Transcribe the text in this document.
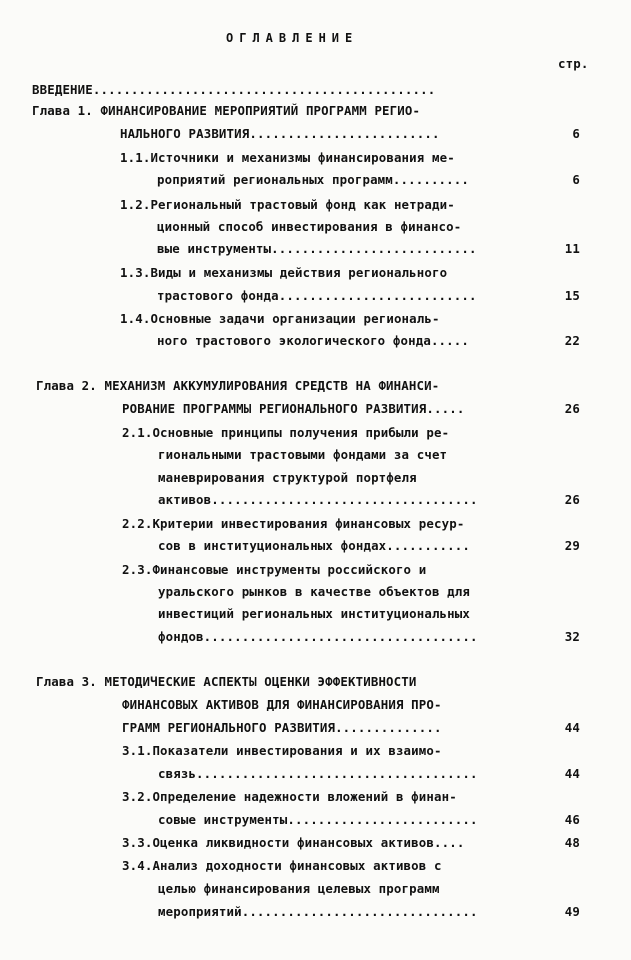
ОГЛАВЛЕНИЕ
стр.
ВВЕДЕНИЕ.............................................
Глава 1. ФИНАНСИРОВАНИЕ МЕРОПРИЯТИЙ ПРОГРАММ РЕГИО-
НАЛЬНОГО РАЗВИТИЯ.........................	6
1.1.Источники и механизмы финансирования ме-
роприятий региональных программ..........	6
1.2.Региональный трастовый фонд как нетради-
ционный способ инвестирования в финансо-
вые инструменты...........................	11
1.3.Виды и механизмы действия регионального
трастового фонда..........................	15
1.4.Основные задачи организации региональ-
ного трастового экологического фонда.....	22
Глава 2. МЕХАНИЗМ АККУМУЛИРОВАНИЯ СРЕДСТВ НА ФИНАНСИ-
РОВАНИЕ ПРОГРАММЫ РЕГИОНАЛЬНОГО РАЗВИТИЯ.....	26
2.1.Основные принципы получения прибыли ре-
гиональными трастовыми фондами за счет
маневрирования структурой портфеля
активов...................................	26
2.2.Критерии инвестирования финансовых ресур-
сов в институциональных фондах...........	29
2.3.Финансовые инструменты российского и
уральского рынков в качестве объектов для
инвестиций региональных институциональных
фондов....................................	32
Глава 3. МЕТОДИЧЕСКИЕ АСПЕКТЫ ОЦЕНКИ ЭФФЕКТИВНОСТИ
ФИНАНСОВЫХ АКТИВОВ ДЛЯ ФИНАНСИРОВАНИЯ ПРО-
ГРАММ РЕГИОНАЛЬНОГО РАЗВИТИЯ..............	44
3.1.Показатели инвестирования и их взаимо-
связь.....................................	44
3.2.Определение надежности вложений в финан-
совые инструменты.........................	46
3.3.Оценка ликвидности финансовых активов....	48
3.4.Анализ доходности финансовых активов с
целью финансирования целевых программ
мероприятий...............................	49
